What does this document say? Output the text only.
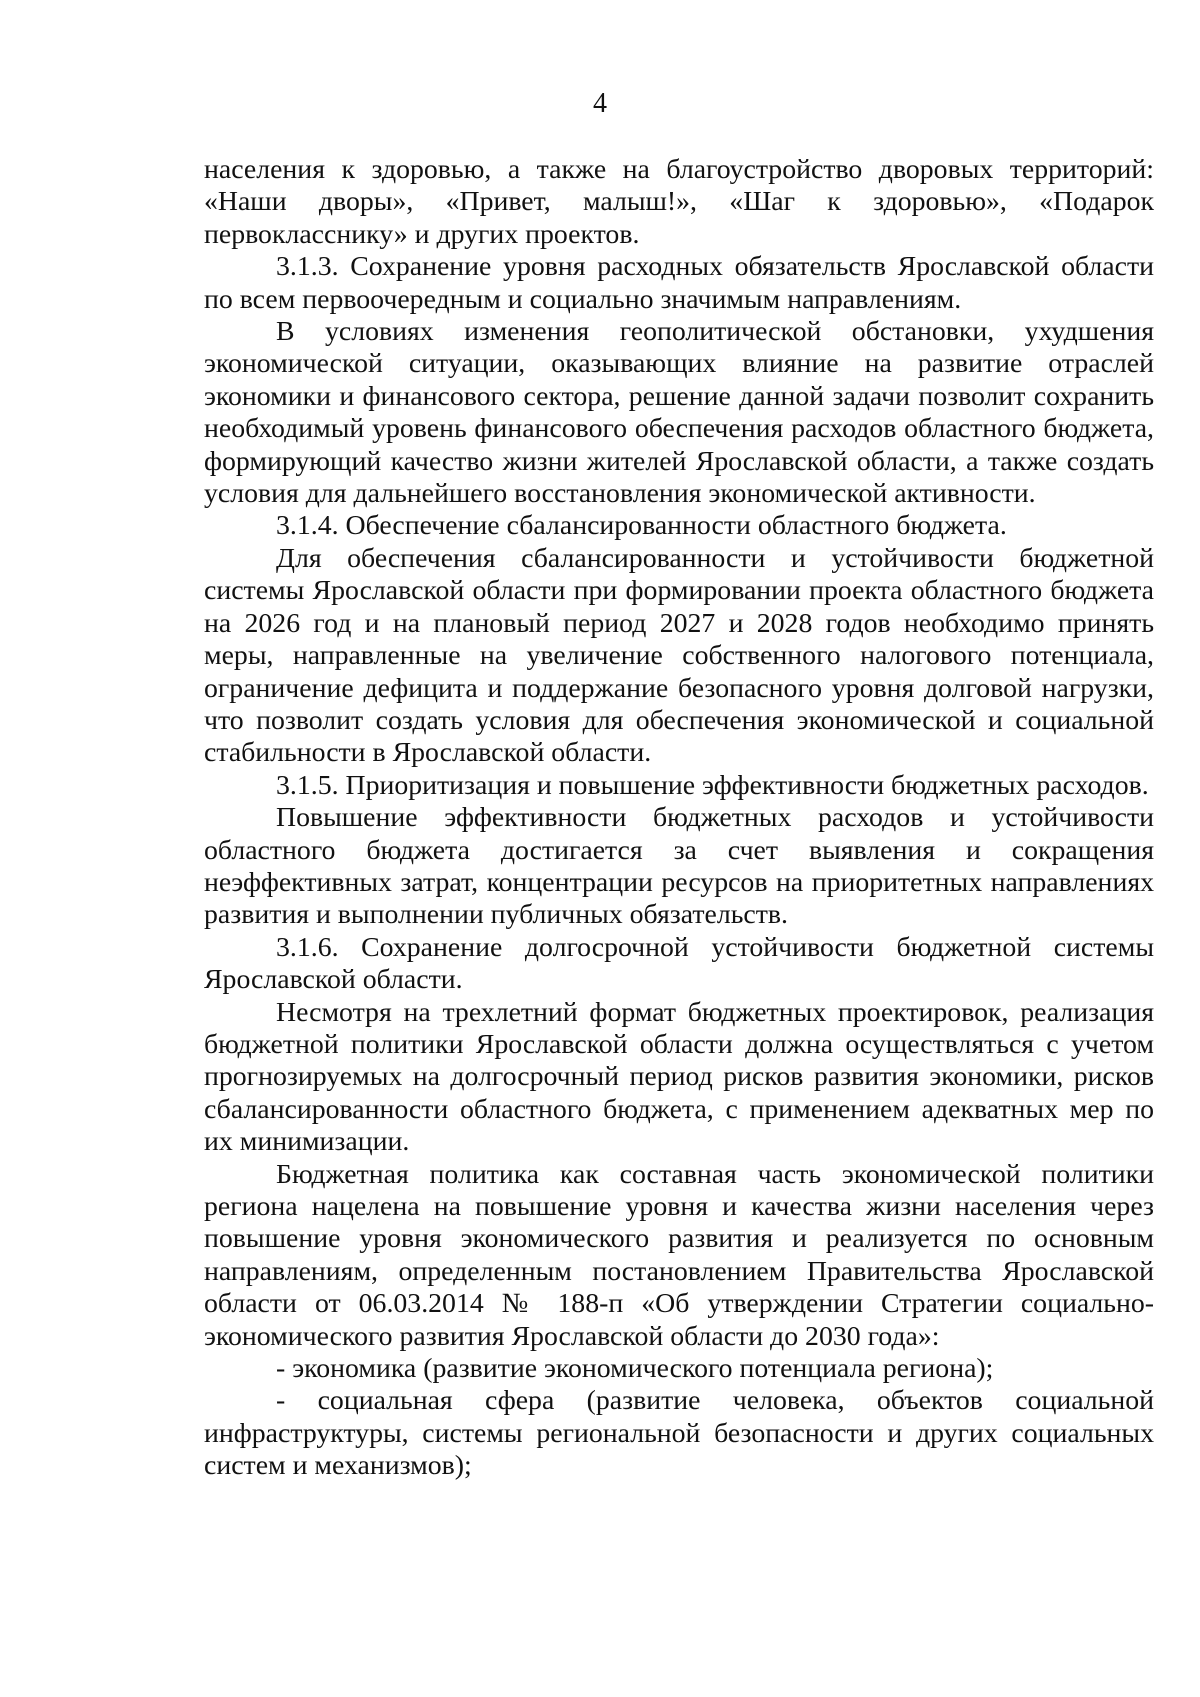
4

населения к здоровью, а также на благоустройство дворовых территорий: «Наши дворы», «Привет, малыш!», «Шаг к здоровью», «Подарок первокласснику» и других проектов.

3.1.3. Сохранение уровня расходных обязательств Ярославской области по всем первоочередным и социально значимым направлениям.

В условиях изменения геополитической обстановки, ухудшения экономической ситуации, оказывающих влияние на развитие отраслей экономики и финансового сектора, решение данной задачи позволит сохранить необходимый уровень финансового обеспечения расходов областного бюджета, формирующий качество жизни жителей Ярославской области, а также создать условия для дальнейшего восстановления экономической активности.

3.1.4. Обеспечение сбалансированности областного бюджета.

Для обеспечения сбалансированности и устойчивости бюджетной системы Ярославской области при формировании проекта областного бюджета на 2026 год и на плановый период 2027 и 2028 годов необходимо принять меры, направленные на увеличение собственного налогового потенциала, ограничение дефицита и поддержание безопасного уровня долговой нагрузки, что позволит создать условия для обеспечения экономической и социальной стабильности в Ярославской области.

3.1.5. Приоритизация и повышение эффективности бюджетных расходов.

Повышение эффективности бюджетных расходов и устойчивости областного бюджета достигается за счет выявления и сокращения неэффективных затрат, концентрации ресурсов на приоритетных направлениях развития и выполнении публичных обязательств.

3.1.6. Сохранение долгосрочной устойчивости бюджетной системы Ярославской области.

Несмотря на трехлетний формат бюджетных проектировок, реализация бюджетной политики Ярославской области должна осуществляться с учетом прогнозируемых на долгосрочный период рисков развития экономики, рисков сбалансированности областного бюджета, с применением адекватных мер по их минимизации.

Бюджетная политика как составная часть экономической политики региона нацелена на повышение уровня и качества жизни населения через повышение уровня экономического развития и реализуется по основным направлениям, определенным постановлением Правительства Ярославской области от 06.03.2014 № 188-п «Об утверждении Стратегии социально-экономического развития Ярославской области до 2030 года»:

- экономика (развитие экономического потенциала региона);

- социальная сфера (развитие человека, объектов социальной инфраструктуры, системы региональной безопасности и других социальных систем и механизмов);
